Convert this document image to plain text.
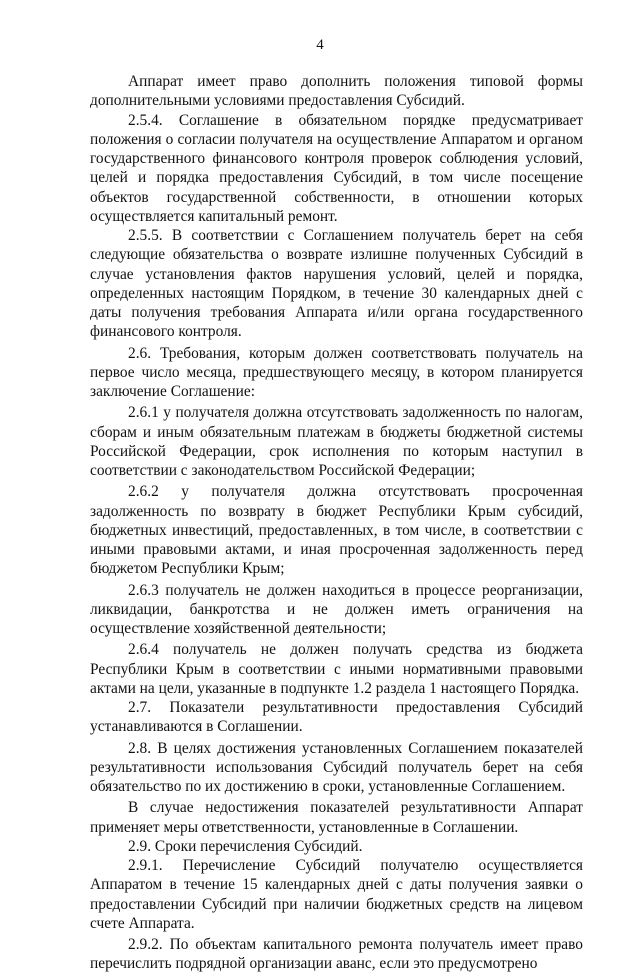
4

Аппарат имеет право дополнить положения типовой формы дополнительными условиями предоставления Субсидий.

2.5.4. Соглашение в обязательном порядке предусматривает положения о согласии получателя на осуществление Аппаратом и органом государственного финансового контроля проверок соблюдения условий, целей и порядка предоставления Субсидий, в том числе посещение объектов государственной собственности, в отношении которых осуществляется капитальный ремонт.

2.5.5. В соответствии с Соглашением получатель берет на себя следующие обязательства о возврате излишне полученных Субсидий в случае установления фактов нарушения условий, целей и порядка, определенных настоящим Порядком, в течение 30 календарных дней с даты получения требования Аппарата и/или органа государственного финансового контроля.

2.6. Требования, которым должен соответствовать получатель на первое число месяца, предшествующего месяцу, в котором планируется заключение Соглашение:

2.6.1 у получателя должна отсутствовать задолженность по налогам, сборам и иным обязательным платежам в бюджеты бюджетной системы Российской Федерации, срок исполнения по которым наступил в соответствии с законодательством Российской Федерации;

2.6.2 у получателя должна отсутствовать просроченная задолженность по возврату в бюджет Республики Крым субсидий, бюджетных инвестиций, предоставленных, в том числе, в соответствии с иными правовыми актами, и иная просроченная задолженность перед бюджетом Республики Крым;

2.6.3 получатель не должен находиться в процессе реорганизации, ликвидации, банкротства и не должен иметь ограничения на осуществление хозяйственной деятельности;

2.6.4 получатель не должен получать средства из бюджета Республики Крым в соответствии с иными нормативными правовыми актами на цели, указанные в подпункте 1.2 раздела 1 настоящего Порядка.

2.7. Показатели результативности предоставления Субсидий устанавливаются в Соглашении.

2.8. В целях достижения установленных Соглашением показателей результативности использования Субсидий получатель берет на себя обязательство по их достижению в сроки, установленные Соглашением.

В случае недостижения показателей результативности Аппарат применяет меры ответственности, установленные в Соглашении.

2.9. Сроки перечисления Субсидий.

2.9.1. Перечисление Субсидий получателю осуществляется Аппаратом в течение 15 календарных дней с даты получения заявки о предоставлении Субсидий при наличии бюджетных средств на лицевом счете Аппарата.

2.9.2. По объектам капитального ремонта получатель имеет право перечислить подрядной организации аванс, если это предусмотрено
